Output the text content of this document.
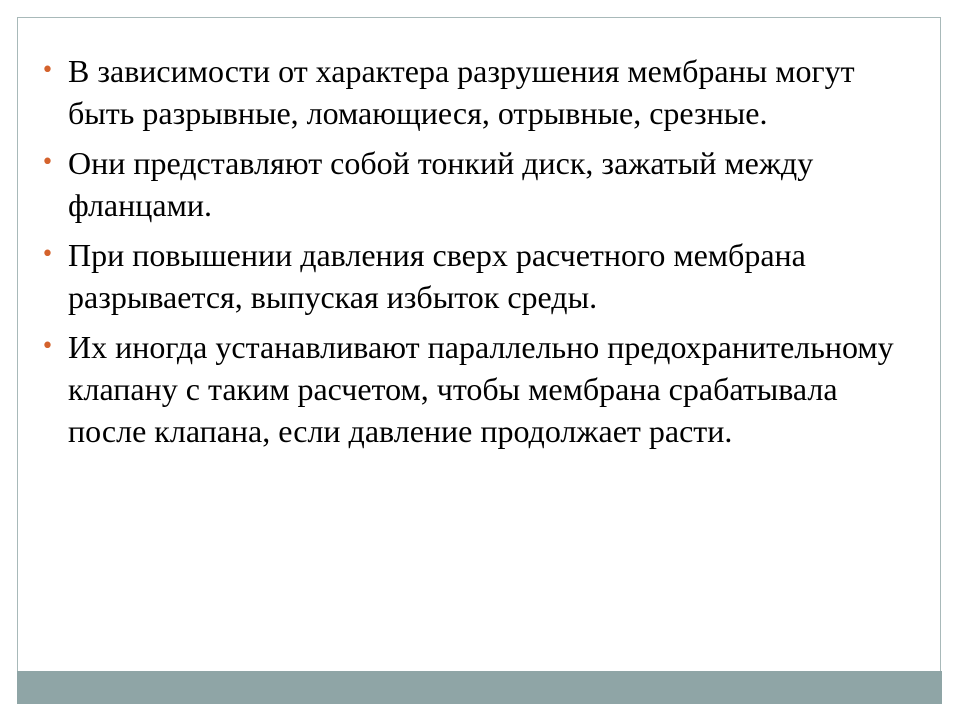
• В зависимости от характера разрушения мембраны могут быть разрывные, ломающиеся, отрывные, срезные.
• Они представляют собой тонкий диск, зажатый между фланцами.
• При повышении давления сверх расчетного мембрана разрывается, выпуская избыток среды.
• Их иногда устанавливают параллельно предохранительному клапану с таким расчетом, чтобы мембрана срабатывала после клапана, если давление продолжает расти.
